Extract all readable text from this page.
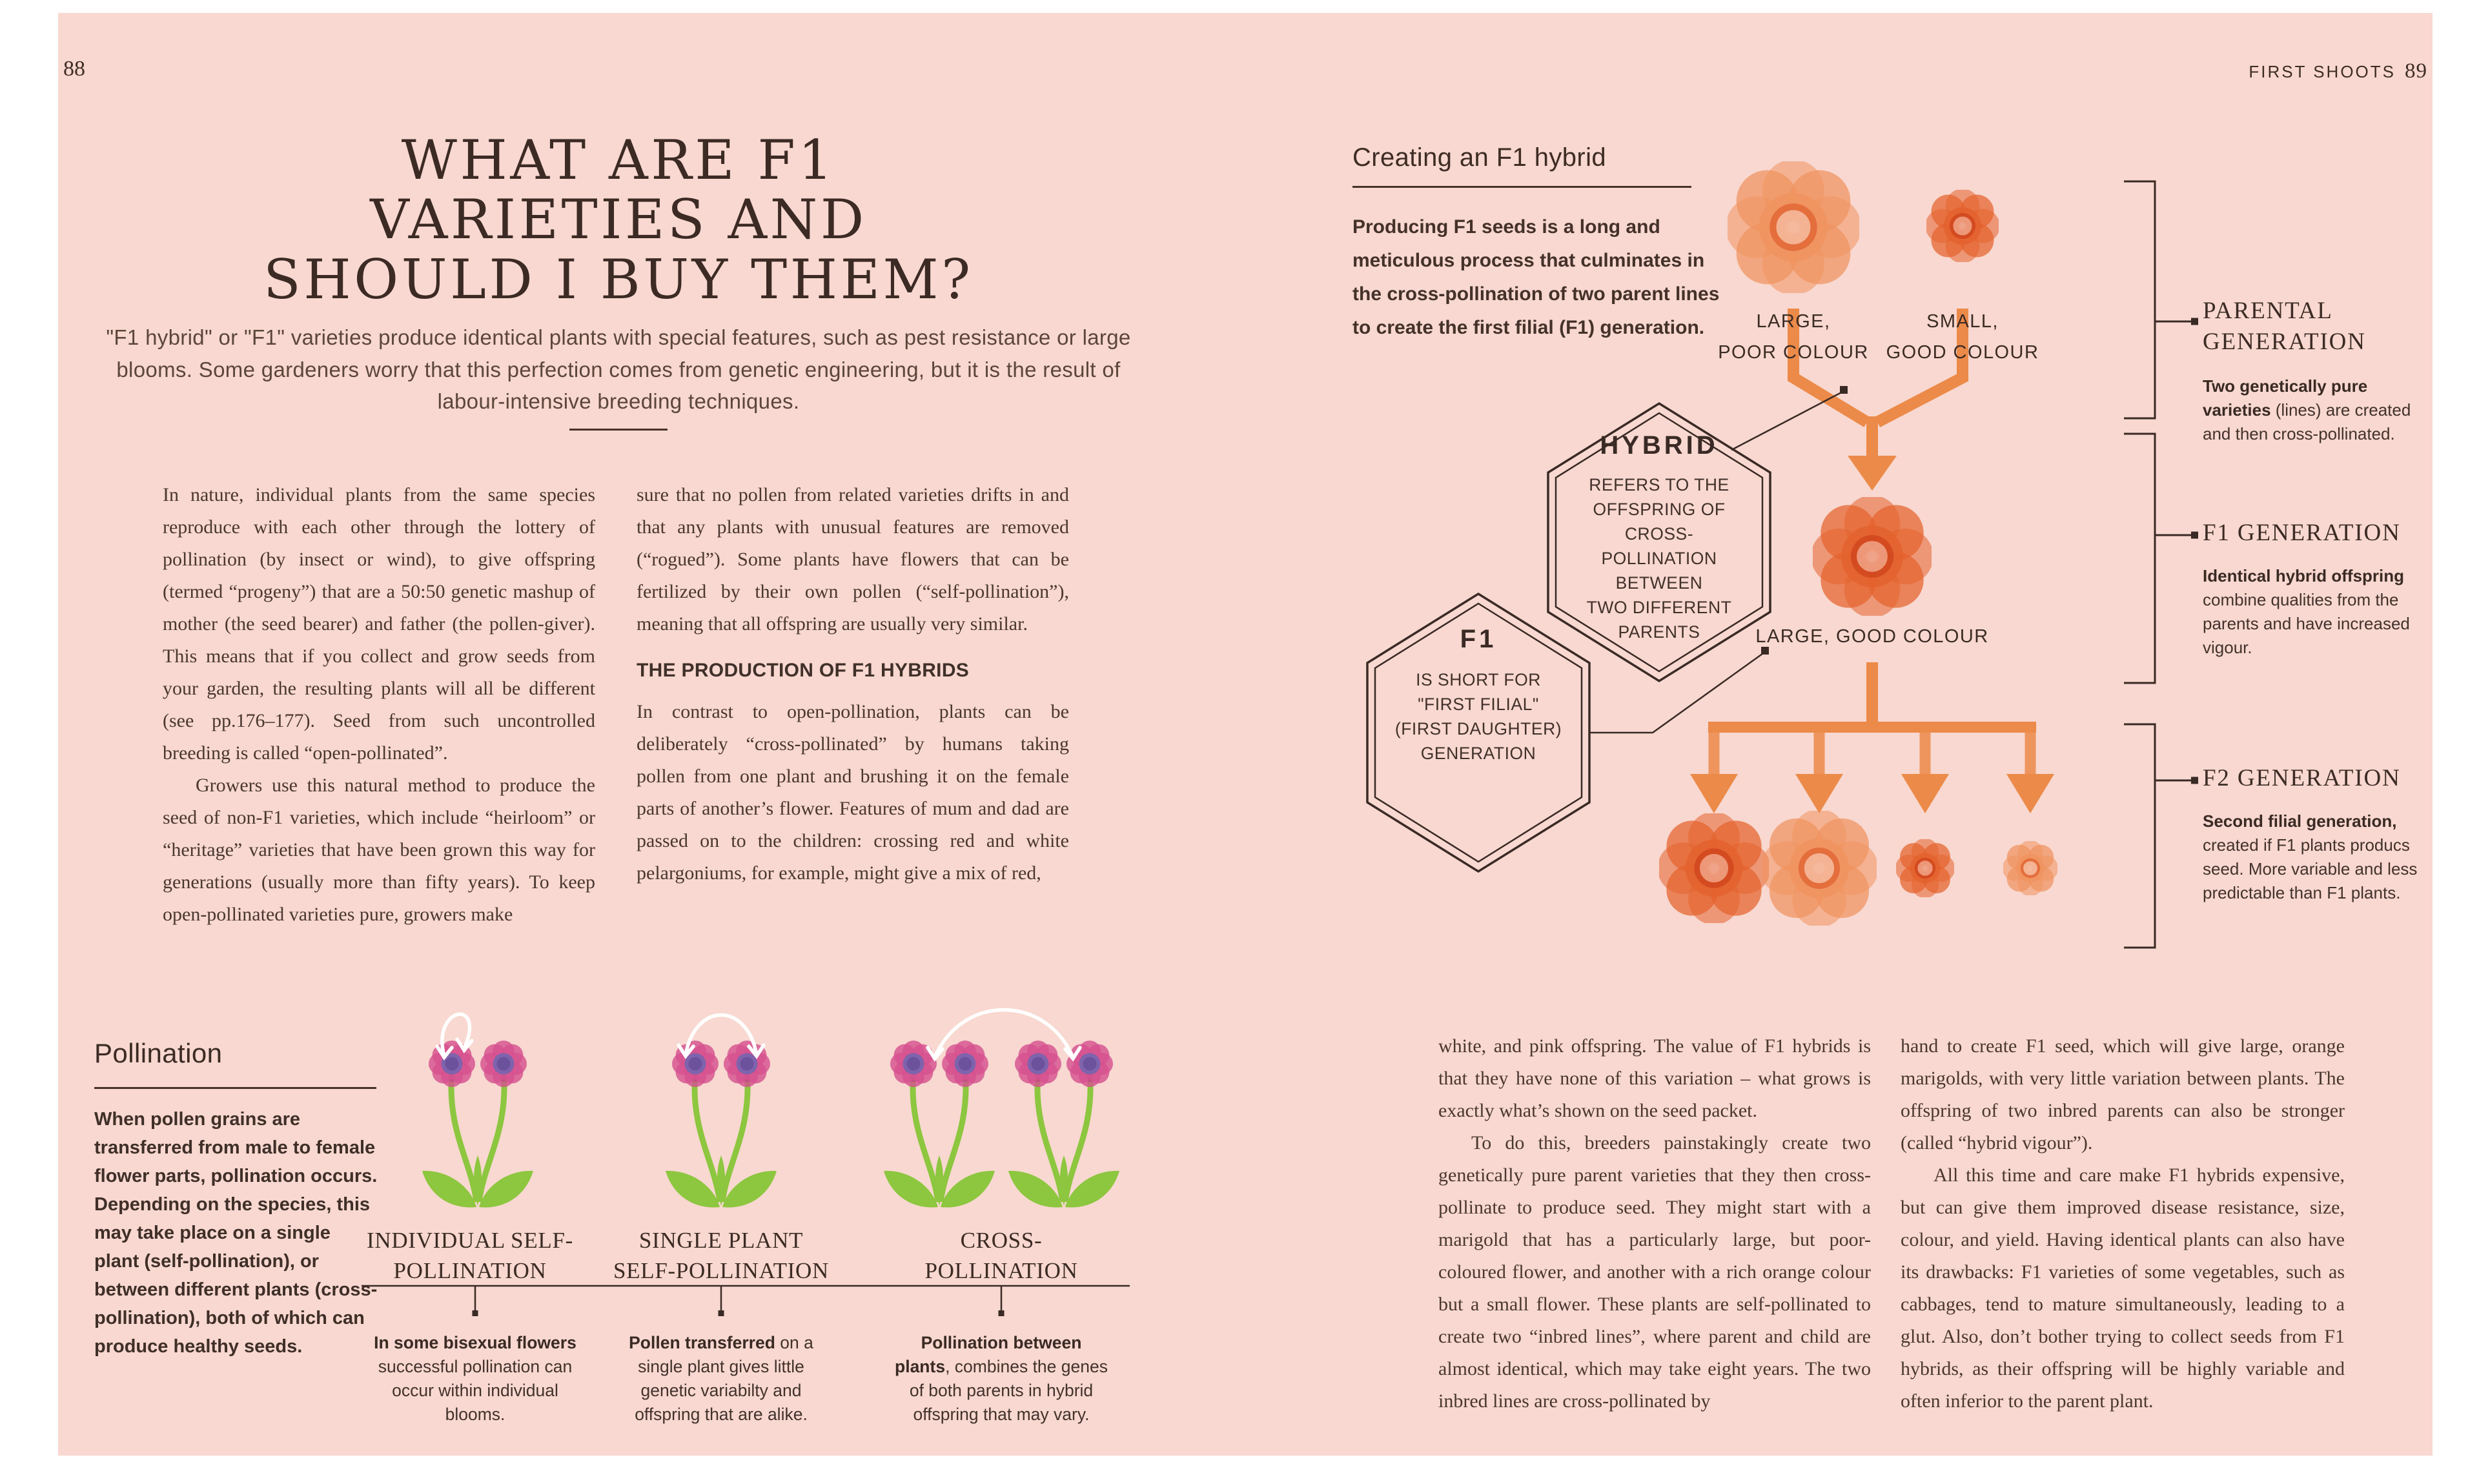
88
WHAT ARE F1
VARIETIES AND
SHOULD I BUY THEM?
"F1 hybrid" or "F1" varieties produce identical plants with special features, such as pest resistance or large blooms. Some gardeners worry that this perfection comes from genetic engineering, but it is the result of labour-intensive breeding techniques.

In nature, individual plants from the same species reproduce with each other through the lottery of pollination (by insect or wind), to give offspring (termed “progeny”) that are a 50:50 genetic mashup of mother (the seed bearer) and father (the pollen-giver). This means that if you collect and grow seeds from your garden, the resulting plants will all be different (see pp.176–177). Seed from such uncontrolled breeding is called “open-pollinated”.

Growers use this natural method to produce the seed of non-F1 varieties, which include “heirloom” or “heritage” varieties that have been grown this way for generations (usually more than fifty years). To keep open-pollinated varieties pure, growers make

sure that no pollen from related varieties drifts in and that any plants with unusual features are removed (“rogued”). Some plants have flowers that can be fertilized by their own pollen (“self-pollination”), meaning that all offspring are usually very similar.

THE PRODUCTION OF F1 HYBRIDS

In contrast to open-pollination, plants can be deliberately “cross-pollinated” by humans taking pollen from one plant and brushing it on the female parts of another’s flower. Features of mum and dad are passed on to the children: crossing red and white pelargoniums, for example, might give a mix of red,

Pollination
When pollen grains are transferred from male to female flower parts, pollination occurs. Depending on the species, this may take place on a single plant (self-pollination), or between different plants (cross-pollination), both of which can produce healthy seeds.
INDIVIDUAL SELF-
POLLINATION
SINGLE PLANT
SELF-POLLINATION
CROSS-
POLLINATION
In some bisexual flowers successful pollination can occur within individual blooms.
Pollen transferred on a single plant gives little genetic variabilty and offspring that are alike.
Pollination between plants, combines the genes of both parents in hybrid offspring that may vary.
FIRST SHOOTS 89
Creating an F1 hybrid
Producing F1 seeds is a long and meticulous process that culminates in the cross-pollination of two parent lines to create the first filial (F1) generation.	LARGE,
POOR COLOUR
SMALL,
GOOD COLOUR
LARGE, GOOD COLOUR
HYBRID
REFERS TO THE
OFFSPRING OF CROSS-
POLLINATION BETWEEN
TWO DIFFERENT
PARENTS
F1
IS SHORT FOR
"FIRST FILIAL"
(FIRST DAUGHTER)
GENERATION
PARENTAL
GENERATION
Two genetically pure varieties (lines) are created and then cross-pollinated.
F1 GENERATION
Identical hybrid offspring combine qualities from the parents and have increased vigour.
F2 GENERATION
Second filial generation, created if F1 plants producs seed. More variable and less predictable than F1 plants.

white, and pink offspring. The value of F1 hybrids is that they have none of this variation – what grows is exactly what’s shown on the seed packet.

To do this, breeders painstakingly create two genetically pure parent varieties that they then cross-pollinate to produce seed. They might start with a marigold that has a particularly large, but poor-coloured flower, and another with a rich orange colour but a small flower. These plants are self-pollinated to create two “inbred lines”, where parent and child are almost identical, which may take eight years. The two inbred lines are cross-pollinated by

hand to create F1 seed, which will give large, orange marigolds, with very little variation between plants. The offspring of two inbred parents can also be stronger (called “hybrid vigour”).

All this time and care make F1 hybrids expensive, but can give them improved disease resistance, size, colour, and yield. Having identical plants can also have its drawbacks: F1 varieties of some vegetables, such as cabbages, tend to mature simultaneously, leading to a glut. Also, don’t bother trying to collect seeds from F1 hybrids, as their offspring will be highly variable and often inferior to the parent plant.
